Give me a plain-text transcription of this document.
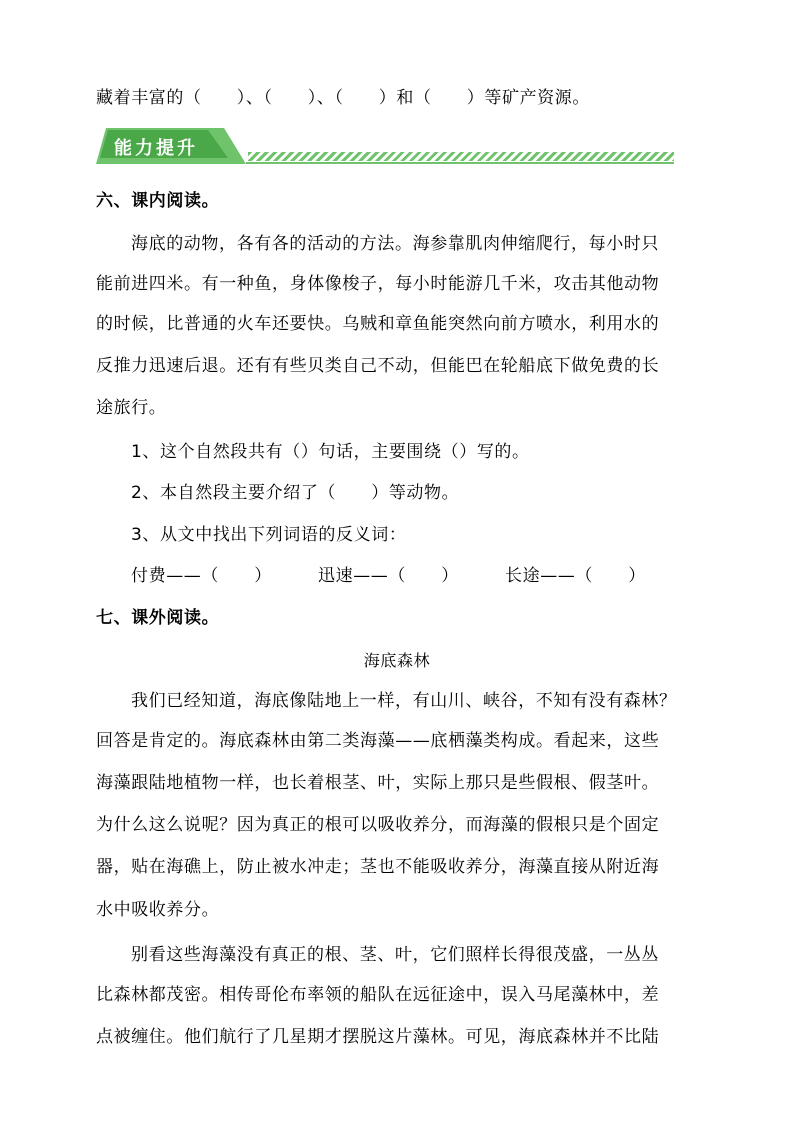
藏着丰富的（　　）、（　　）、（　　）和（　　）等矿产资源。
能力提升
六、课内阅读。
海底的动物，各有各的活动的方法。海参靠肌肉伸缩爬行，每小时只
能前进四米。有一种鱼，身体像梭子，每小时能游几千米，攻击其他动物
的时候，比普通的火车还要快。乌贼和章鱼能突然向前方喷水，利用水的
反推力迅速后退。还有有些贝类自己不动，但能巴在轮船底下做免费的长
途旅行。
1、这个自然段共有（）句话，主要围绕（）写的。
2、本自然段主要介绍了（　　）等动物。
3、从文中找出下列词语的反义词：
付费——（　　）	迅速——（　　）	长途——（　　）
七、课外阅读。
海底森林
我们已经知道，海底像陆地上一样，有山川、峡谷，不知有没有森林？
回答是肯定的。海底森林由第二类海藻——底栖藻类构成。看起来，这些
海藻跟陆地植物一样，也长着根茎、叶，实际上那只是些假根、假茎叶。
为什么这么说呢？因为真正的根可以吸收养分，而海藻的假根只是个固定
器，贴在海礁上，防止被水冲走；茎也不能吸收养分，海藻直接从附近海
水中吸收养分。
别看这些海藻没有真正的根、茎、叶，它们照样长得很茂盛，一丛丛
比森林都茂密。相传哥伦布率领的船队在远征途中，误入马尾藻林中，差
点被缠住。他们航行了几星期才摆脱这片藻林。可见，海底森林并不比陆
